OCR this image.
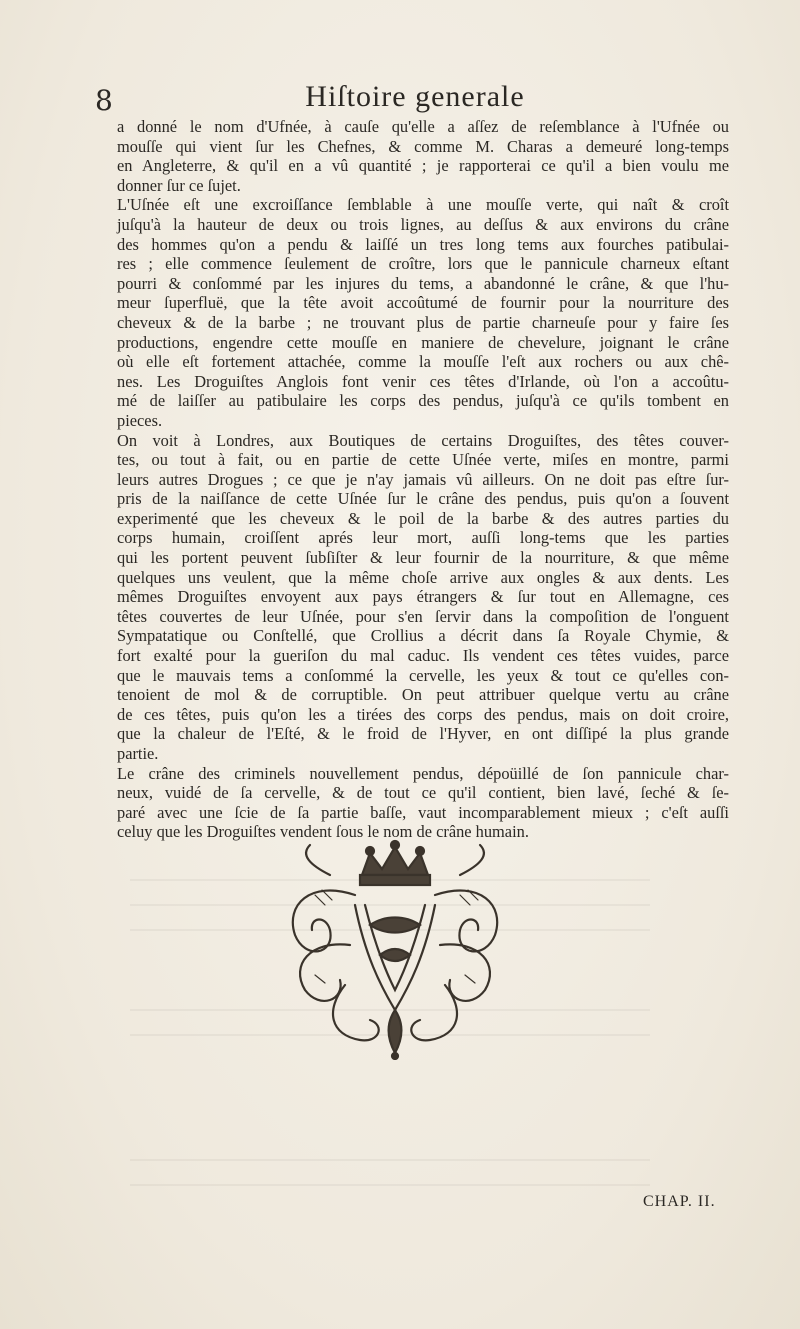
8	Hiſtoire generale

a donné le nom d'Ufnée, à cauſe qu'elle a aſſez de reſemblance à l'Ufnée ou
mouſſe qui vient ſur les Chefnes, & comme M. Charas a demeuré long-temps
en Angleterre, & qu'il en a vû quantité ; je rapporterai ce qu'il a bien voulu me
donner ſur ce ſujet.

L'Uſnée eſt une excroiſſance ſemblable à une mouſſe verte, qui naît & croît
juſqu'à la hauteur de deux ou trois lignes, au deſſus & aux environs du crâne
des hommes qu'on a pendu & laiſſé un tres long tems aux fourches patibulai-
res ; elle commence ſeulement de croître, lors que le pannicule charneux eſtant
pourri & conſommé par les injures du tems, a abandonné le crâne, & que l'hu-
meur ſuperfluë, que la tête avoit accoûtumé de fournir pour la nourriture des
cheveux & de la barbe ; ne trouvant plus de partie charneuſe pour y faire ſes
productions, engendre cette mouſſe en maniere de chevelure, joignant le crâne
où elle eſt fortement attachée, comme la mouſſe l'eſt aux rochers ou aux chê-
nes. Les Droguiſtes Anglois font venir ces têtes d'Irlande, où l'on a accoûtu-
mé de laiſſer au patibulaire les corps des pendus, juſqu'à ce qu'ils tombent en
pieces.

On voit à Londres, aux Boutiques de certains Droguiſtes, des têtes couver-
tes, ou tout à fait, ou en partie de cette Uſnée verte, miſes en montre, parmi
leurs autres Drogues ; ce que je n'ay jamais vû ailleurs. On ne doit pas eſtre ſur-
pris de la naiſſance de cette Uſnée ſur le crâne des pendus, puis qu'on a ſouvent
experimenté que les cheveux & le poil de la barbe & des autres parties du
corps humain, croiſſent aprés leur mort, auſſi long-tems que les parties
qui les portent peuvent ſubſiſter & leur fournir de la nourriture, & que même
quelques uns veulent, que la même choſe arrive aux ongles & aux dents. Les
mêmes Droguiſtes envoyent aux pays étrangers & ſur tout en Allemagne, ces
têtes couvertes de leur Uſnée, pour s'en ſervir dans la compoſition de l'onguent
Sympatatique ou Conſtellé, que Crollius a décrit dans ſa Royale Chymie, &
fort exalté pour la gueriſon du mal caduc. Ils vendent ces têtes vuides, parce
que le mauvais tems a conſommé la cervelle, les yeux & tout ce qu'elles con-
tenoient de mol & de corruptible. On peut attribuer quelque vertu au crâne
de ces têtes, puis qu'on les a tirées des corps des pendus, mais on doit croire,
que la chaleur de l'Eſté, & le froid de l'Hyver, en ont diſſipé la plus grande
partie.

Le crâne des criminels nouvellement pendus, dépoüillé de ſon pannicule char-
neux, vuidé de ſa cervelle, & de tout ce qu'il contient, bien lavé, ſeché & ſe-
paré avec une ſcie de ſa partie baſſe, vaut incomparablement mieux ; c'eſt auſſi
celuy que les Droguiſtes vendent ſous le nom de crâne humain.

CHAP. II.
